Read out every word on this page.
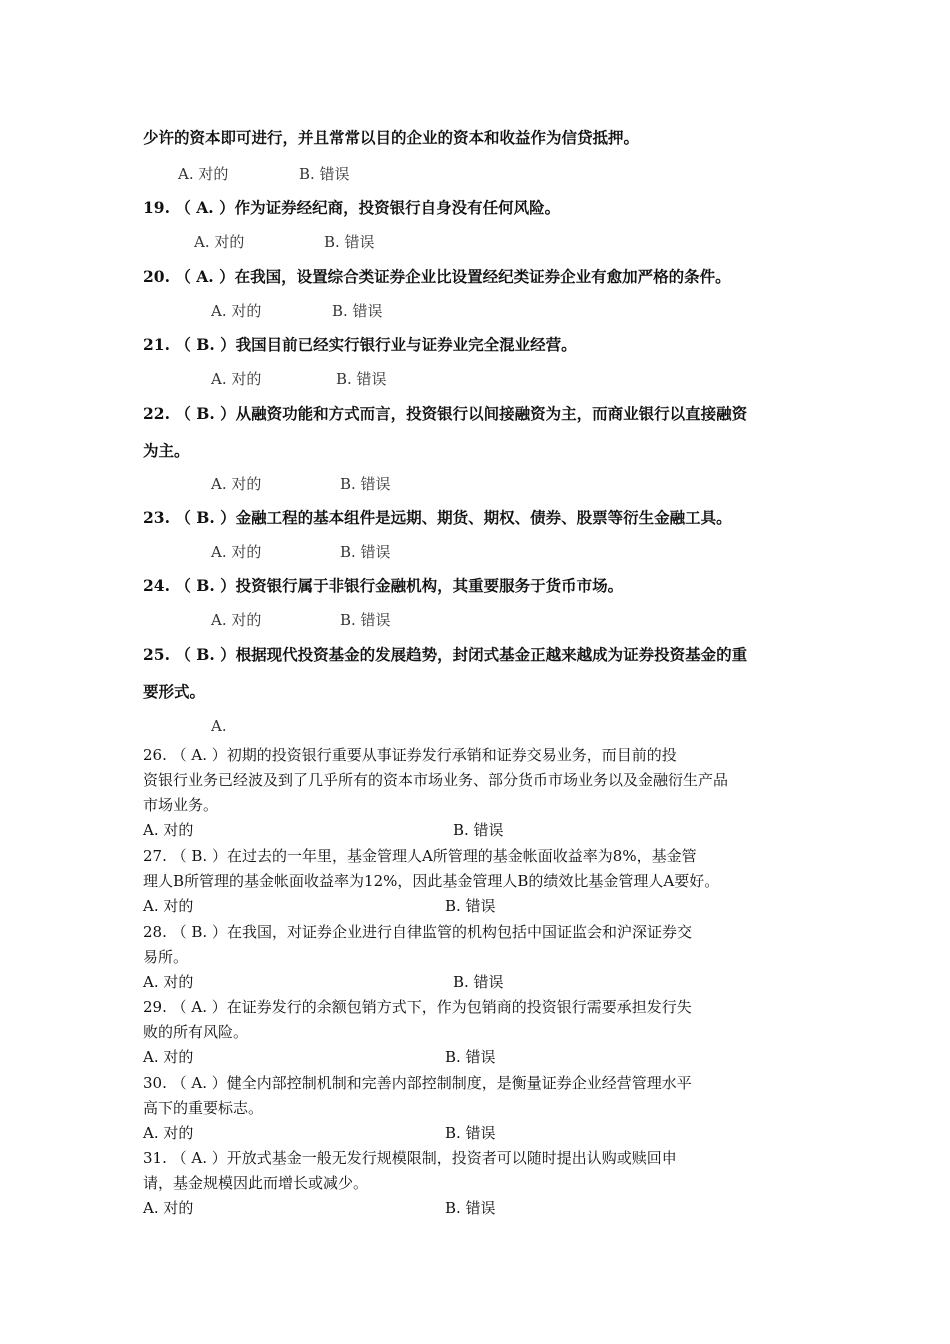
少许的资本即可进行，并且常常以目的企业的资本和收益作为信贷抵押。
A. 对的	B. 错误
19. （ A. ）作为证券经纪商，投资银行自身没有任何风险。
A. 对的	B. 错误
20. （ A. ）在我国，设置综合类证券企业比设置经纪类证券企业有愈加严格的条件。
A. 对的	B. 错误
21. （ B. ）我国目前已经实行银行业与证券业完全混业经营。
A. 对的	B. 错误
22. （ B. ）从融资功能和方式而言，投资银行以间接融资为主，而商业银行以直接融资
为主。
A. 对的	B. 错误
23. （ B. ）金融工程的基本组件是远期、期货、期权、债券、股票等衍生金融工具。
A. 对的	B. 错误
24. （ B. ）投资银行属于非银行金融机构，其重要服务于货币市场。
A. 对的	B. 错误
25. （ B. ）根据现代投资基金的发展趋势，封闭式基金正越来越成为证券投资基金的重
要形式。
A.
26. （ A. ）初期的投资银行重要从事证券发行承销和证券交易业务，而目前的投
资银行业务已经波及到了几乎所有的资本市场业务、部分货币市场业务以及金融衍生产品
市场业务。
A. 对的	B. 错误
27. （ B. ）在过去的一年里，基金管理人A所管理的基金帐面收益率为8%，基金管
理人B所管理的基金帐面收益率为12%，因此基金管理人B的绩效比基金管理人A要好。
A. 对的	B. 错误
28. （ B. ）在我国，对证券企业进行自律监管的机构包括中国证监会和沪深证券交
易所。
A. 对的	B. 错误
29. （ A. ）在证券发行的余额包销方式下，作为包销商的投资银行需要承担发行失
败的所有风险。
A. 对的	B. 错误
30. （ A. ）健全内部控制机制和完善内部控制制度，是衡量证券企业经营管理水平
高下的重要标志。
A. 对的	B. 错误
31. （ A. ）开放式基金一般无发行规模限制，投资者可以随时提出认购或赎回申
请，基金规模因此而增长或减少。
A. 对的	B. 错误
